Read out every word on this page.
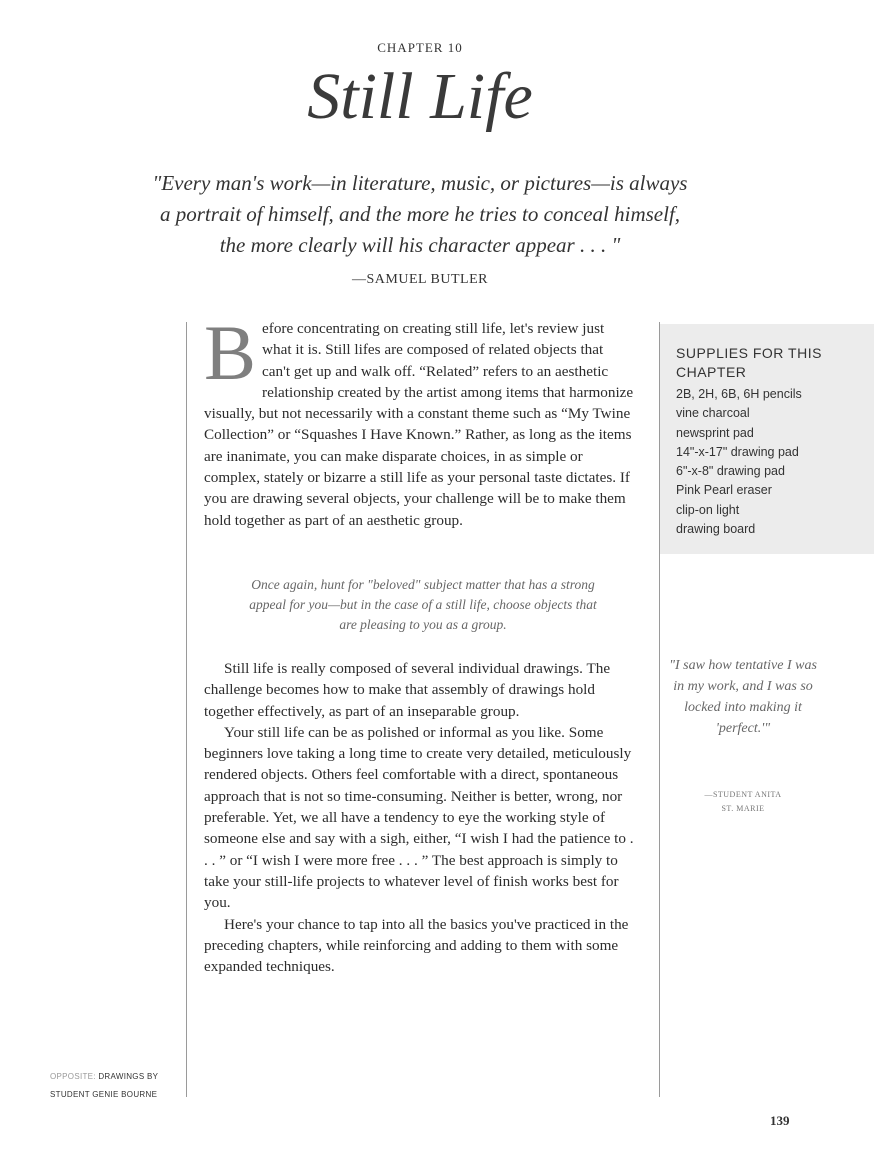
CHAPTER 10
Still Life
"Every man's work—in literature, music, or pictures—is always a portrait of himself, and the more he tries to conceal himself, the more clearly will his character appear . . . "
—SAMUEL BUTLER

Before concentrating on creating still life, let's review just what it is. Still lifes are composed of related objects that can't get up and walk off. “Related” refers to an aesthetic relationship created by the artist among items that harmonize visually, but not necessarily with a constant theme such as “My Twine Collection” or “Squashes I Have Known.” Rather, as long as the items are inanimate, you can make disparate choices, in as simple or complex, stately or bizarre a still life as your personal taste dictates. If you are drawing several objects, your challenge will be to make them hold together as part of an aesthetic group.

Once again, hunt for "beloved" subject matter that has a strong appeal for you—but in the case of a still life, choose objects that are pleasing to you as a group.

Still life is really composed of several individual drawings. The challenge becomes how to make that assembly of drawings hold together effectively, as part of an inseparable group.

Your still life can be as polished or informal as you like. Some beginners love taking a long time to create very detailed, meticulously rendered objects. Others feel comfortable with a direct, spontaneous approach that is not so time-consuming. Neither is better, wrong, nor preferable. Yet, we all have a tendency to eye the working style of someone else and say with a sigh, either, “I wish I had the patience to . . . ” or “I wish I were more free . . . ” The best approach is simply to take your still-life projects to whatever level of finish works best for you.

Here's your chance to tap into all the basics you've practiced in the preceding chapters, while reinforcing and adding to them with some expanded techniques.

SUPPLIES FOR THIS CHAPTER
2B, 2H, 6B, 6H pencils
vine charcoal
newsprint pad
14"-x-17" drawing pad
6"-x-8" drawing pad
Pink Pearl eraser
clip-on light
drawing board
"I saw how tentative I was in my work, and I was so locked into making it 'perfect.'"
—STUDENT ANITA
ST. MARIE
OPPOSITE: DRAWINGS BY
STUDENT GENIE BOURNE
139
